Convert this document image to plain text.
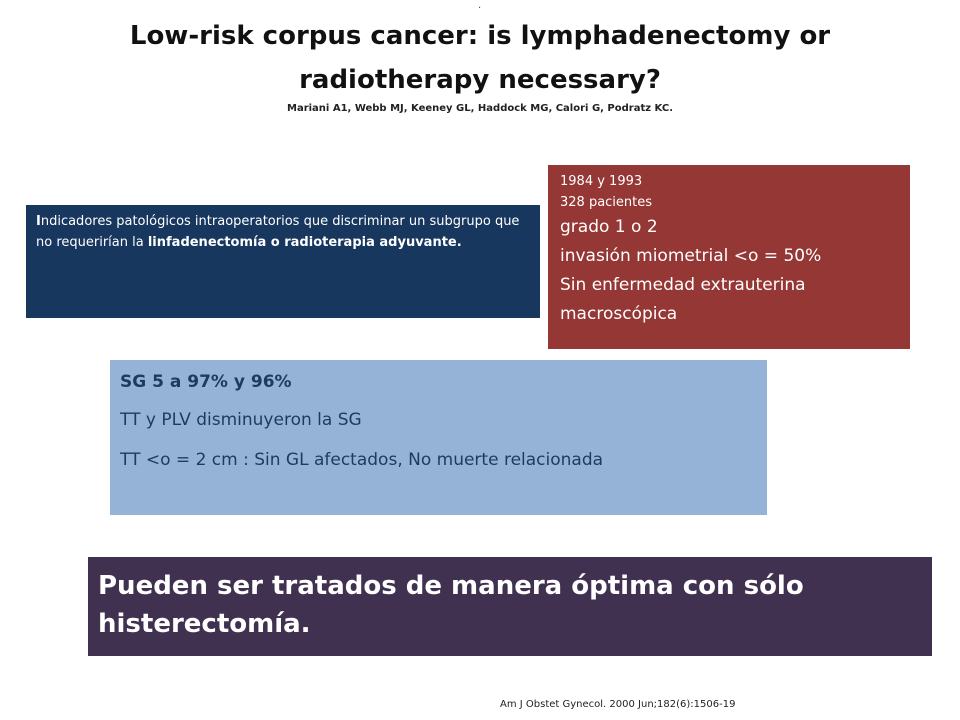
.
Low-risk corpus cancer: is lymphadenectomy or radiotherapy necessary?
Mariani A1, Webb MJ, Keeney GL, Haddock MG, Calori G, Podratz KC.
Indicadores patológicos intraoperatorios que discriminar un subgrupo que no requerirían la linfadenectomía o radioterapia adyuvante.
1984 y 1993
328 pacientes
grado 1 o 2
invasión miometrial <o = 50%
Sin enfermedad extrauterina macroscópica
SG 5 a 97% y 96%
TT y PLV disminuyeron la SG
TT <o = 2 cm : Sin GL afectados, No muerte relacionada
Pueden ser tratados de manera óptima con sólo histerectomía.
Am J Obstet Gynecol. 2000 Jun;182(6):1506-19
